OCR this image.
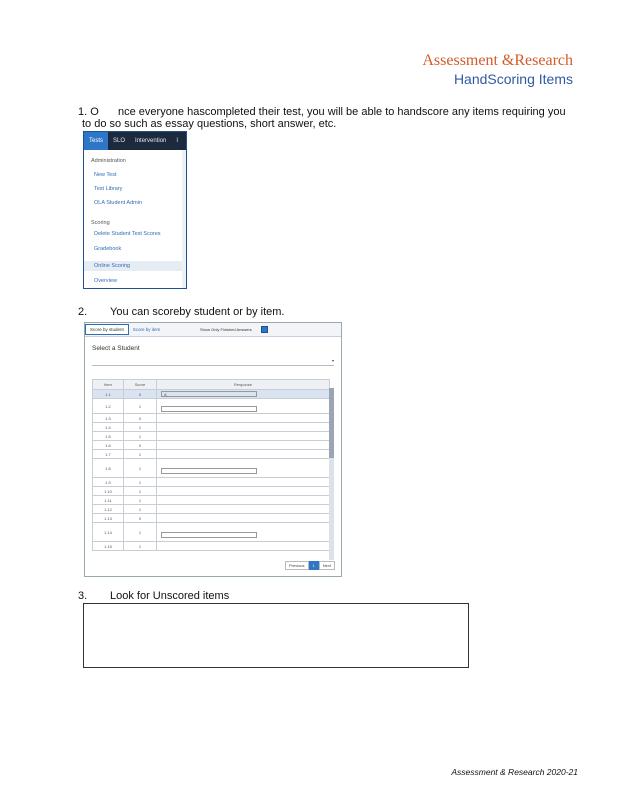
Assessment &Research
HandScoring Items
1. O nce everyone hascompleted their test, you will be able to handscore any items requiring you
to do so such as essay questions, short answer, etc.
Tests	SLO	Intervention	I
Administration
New Test
Test Library
OLA Student Admin
Scoring
Delete Student Test Scores
Gradebook
Online Scoring
Overview
2. You can scoreby student or by item.
Score by student	Score by item	Show Only Finished Answers
Select a Student
▾
Item	Score	Response
1.1	0	A

1.2	1	

1.3	0	
1.4	1	
1.5	1	
1.6	0	
1.7	1	
1.8	1	

1.9	1	
1.10	1	
1.11	1	
1.12	1	
1.13	0	
1.14	1	

1.15	1	
Previous	1	Next
3. Look for Unscored items
Assessment & Research 2020-21
